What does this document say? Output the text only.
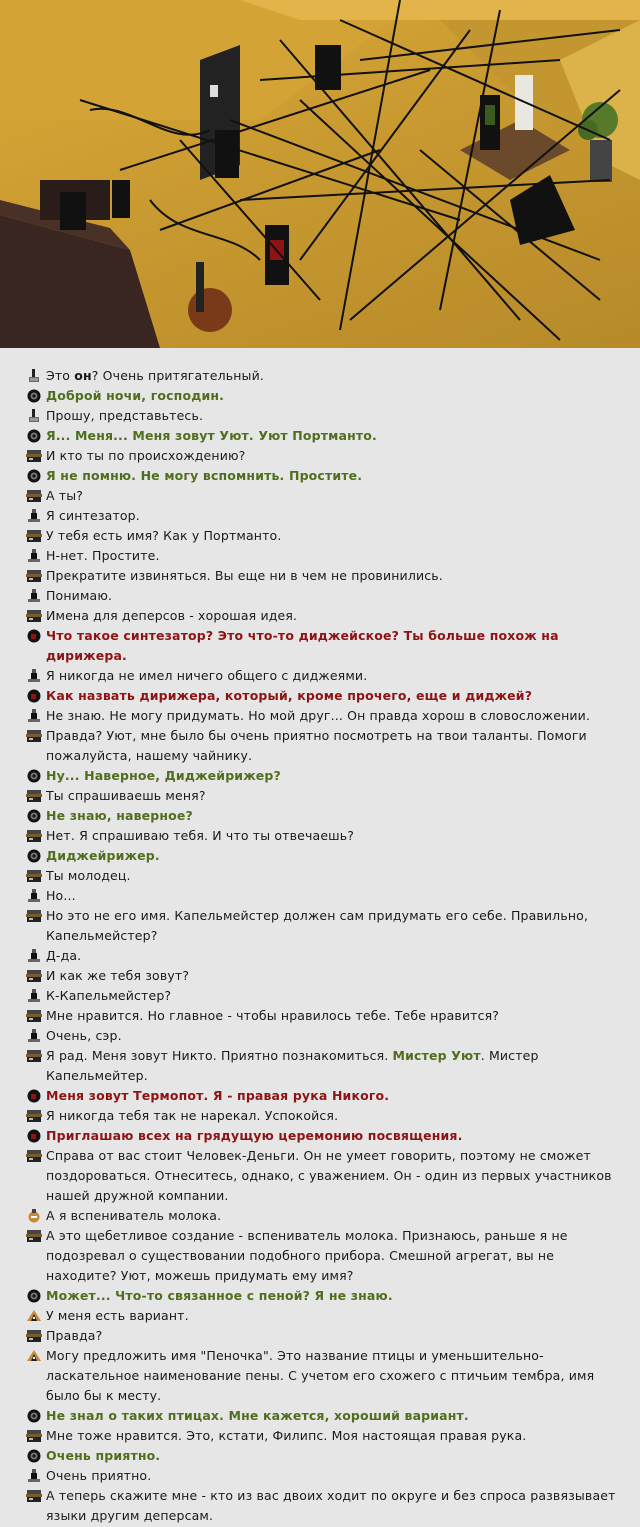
Это он? Очень притягательный.
Доброй ночи, господин.
Прошу, представьтесь.
Я... Меня... Меня зовут Уют. Уют Портманто.
И кто ты по происхождению?
Я не помню. Не могу вспомнить. Простите.
А ты?
Я синтезатор.
У тебя есть имя? Как у Портманто.
Н-нет. Простите.
Прекратите извиняться. Вы еще ни в чем не провинились.
Понимаю.
Имена для деперсов - хорошая идея.
Что такое синтезатор? Это что-то диджейское? Ты больше похож на дирижера.
Я никогда не имел ничего общего с диджеями.
Как назвать дирижера, который, кроме прочего, еще и диджей?
Не знаю. Не могу придумать. Но мой друг... Он правда хорош в словосложении.
Правда? Уют, мне было бы очень приятно посмотреть на твои таланты. Помоги пожалуйста, нашему чайнику.
Ну... Наверное, Диджейрижер?
Ты спрашиваешь меня?
Не знаю, наверное?
Нет. Я спрашиваю тебя. И что ты отвечаешь?
Диджейрижер.
Ты молодец.
Но...
Но это не его имя. Капельмейстер должен сам придумать его себе. Правильно, Капельмейстер?
Д-да.
И как же тебя зовут?
К-Капельмейстер?
Мне нравится. Но главное - чтобы нравилось тебе. Тебе нравится?
Очень, сэр.
Я рад. Меня зовут Никто. Приятно познакомиться. Мистер Уют. Мистер Капельмейтер.
Меня зовут Термопот. Я - правая рука Никого.
Я никогда тебя так не нарекал. Успокойся.
Приглашаю всех на грядущую церемонию посвящения.
Справа от вас стоит Человек-Деньги. Он не умеет говорить, поэтому не сможет поздороваться. Отнеситесь, однако, с уважением. Он - один из первых участников нашей дружной компании.
А я вспениватель молока.
А это щебетливое создание - вспениватель молока. Признаюсь, раньше я не подозревал о существовании подобного прибора. Смешной агрегат, вы не находите? Уют, можешь придумать ему имя?
Может... Что-то связанное с пеной? Я не знаю.
У меня есть вариант.
Правда?
Могу предложить имя "Пеночка". Это название птицы и уменьшительно-ласкательное наименование пены. С учетом его схожего с птичьим тембра, имя было бы к месту.
Не знал о таких птицах. Мне кажется, хороший вариант.
Мне тоже нравится. Это, кстати, Филипс. Моя настоящая правая рука.
Очень приятно.
Очень приятно.
А теперь скажите мне - кто из вас двоих ходит по округе и без спроса развязывает языки другим деперсам.
